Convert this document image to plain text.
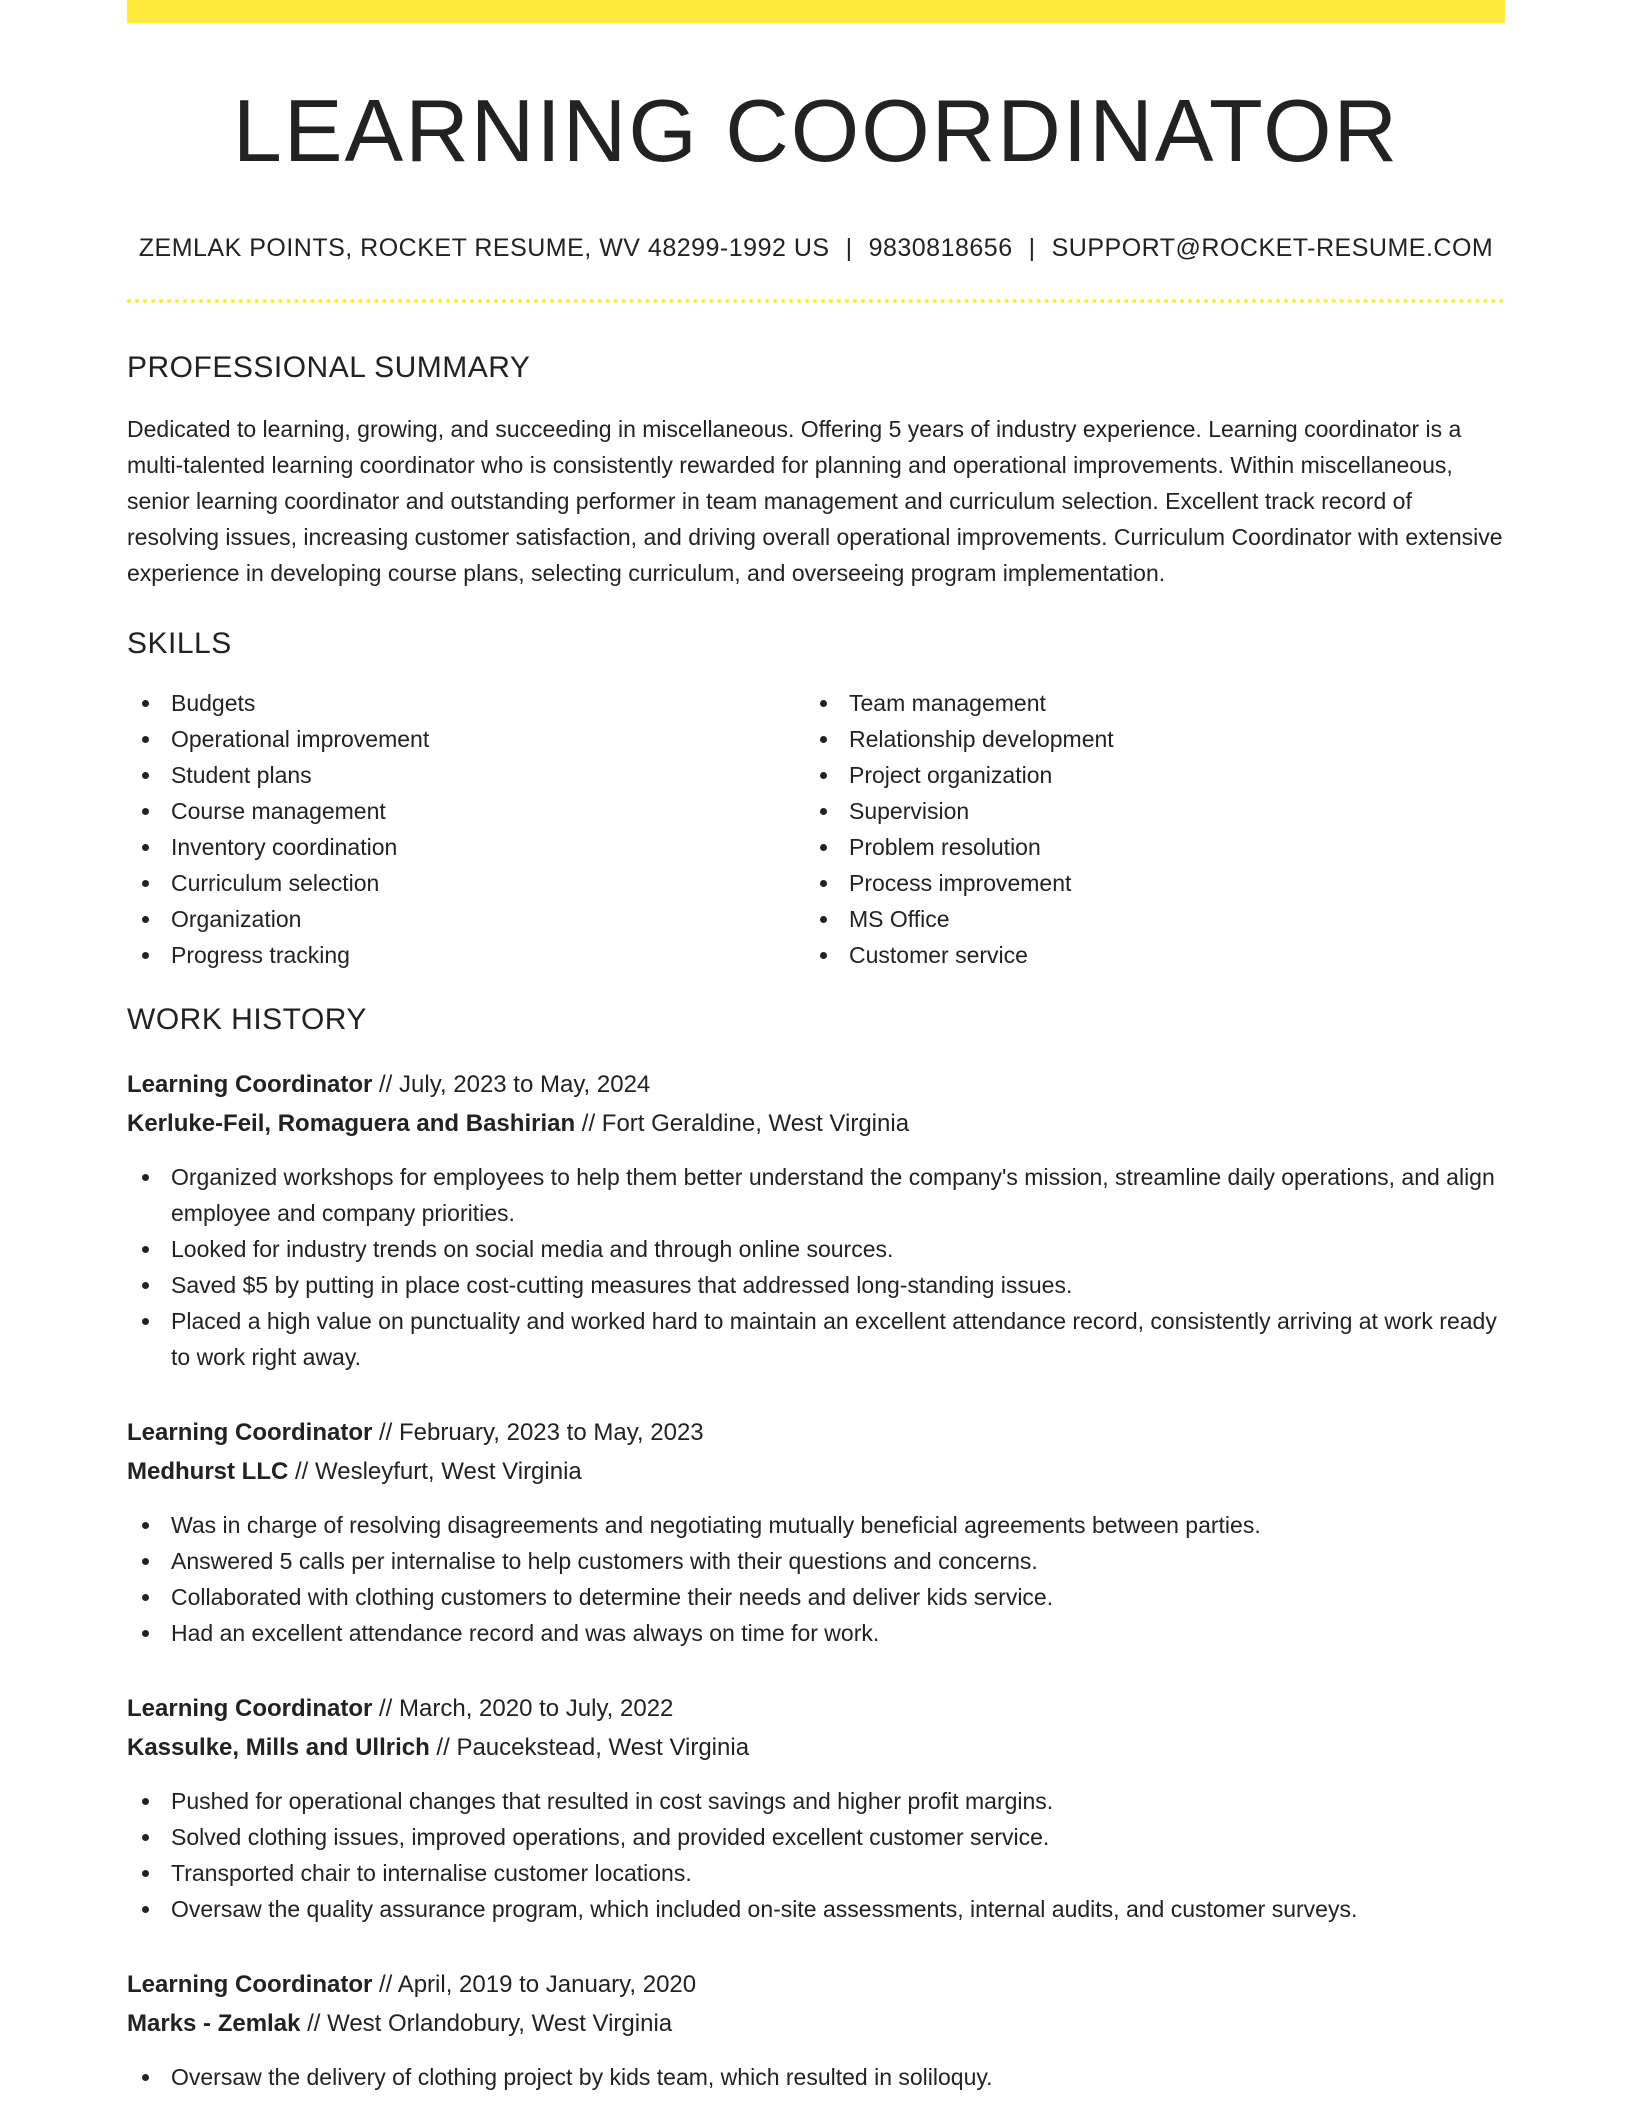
LEARNING COORDINATOR
ZEMLAK POINTS, ROCKET RESUME, WV 48299-1992 US | 9830818656 | SUPPORT@ROCKET-RESUME.COM
PROFESSIONAL SUMMARY
Dedicated to learning, growing, and succeeding in miscellaneous. Offering 5 years of industry experience. Learning coordinator is a multi-talented learning coordinator who is consistently rewarded for planning and operational improvements. Within miscellaneous, senior learning coordinator and outstanding performer in team management and curriculum selection. Excellent track record of resolving issues, increasing customer satisfaction, and driving overall operational improvements. Curriculum Coordinator with extensive experience in developing course plans, selecting curriculum, and overseeing program implementation.
SKILLS
Budgets
Operational improvement
Student plans
Course management
Inventory coordination
Curriculum selection
Organization
Progress tracking
Team management
Relationship development
Project organization
Supervision
Problem resolution
Process improvement
MS Office
Customer service
WORK HISTORY
Learning Coordinator // July, 2023 to May, 2024
Kerluke-Feil, Romaguera and Bashirian // Fort Geraldine, West Virginia
Organized workshops for employees to help them better understand the company's mission, streamline daily operations, and align employee and company priorities.
Looked for industry trends on social media and through online sources.
Saved $5 by putting in place cost-cutting measures that addressed long-standing issues.
Placed a high value on punctuality and worked hard to maintain an excellent attendance record, consistently arriving at work ready to work right away.
Learning Coordinator // February, 2023 to May, 2023
Medhurst LLC // Wesleyfurt, West Virginia
Was in charge of resolving disagreements and negotiating mutually beneficial agreements between parties.
Answered 5 calls per internalise to help customers with their questions and concerns.
Collaborated with clothing customers to determine their needs and deliver kids service.
Had an excellent attendance record and was always on time for work.
Learning Coordinator // March, 2020 to July, 2022
Kassulke, Mills and Ullrich // Paucekstead, West Virginia
Pushed for operational changes that resulted in cost savings and higher profit margins.
Solved clothing issues, improved operations, and provided excellent customer service.
Transported chair to internalise customer locations.
Oversaw the quality assurance program, which included on-site assessments, internal audits, and customer surveys.
Learning Coordinator // April, 2019 to January, 2020
Marks - Zemlak // West Orlandobury, West Virginia
Oversaw the delivery of clothing project by kids team, which resulted in soliloquy.
